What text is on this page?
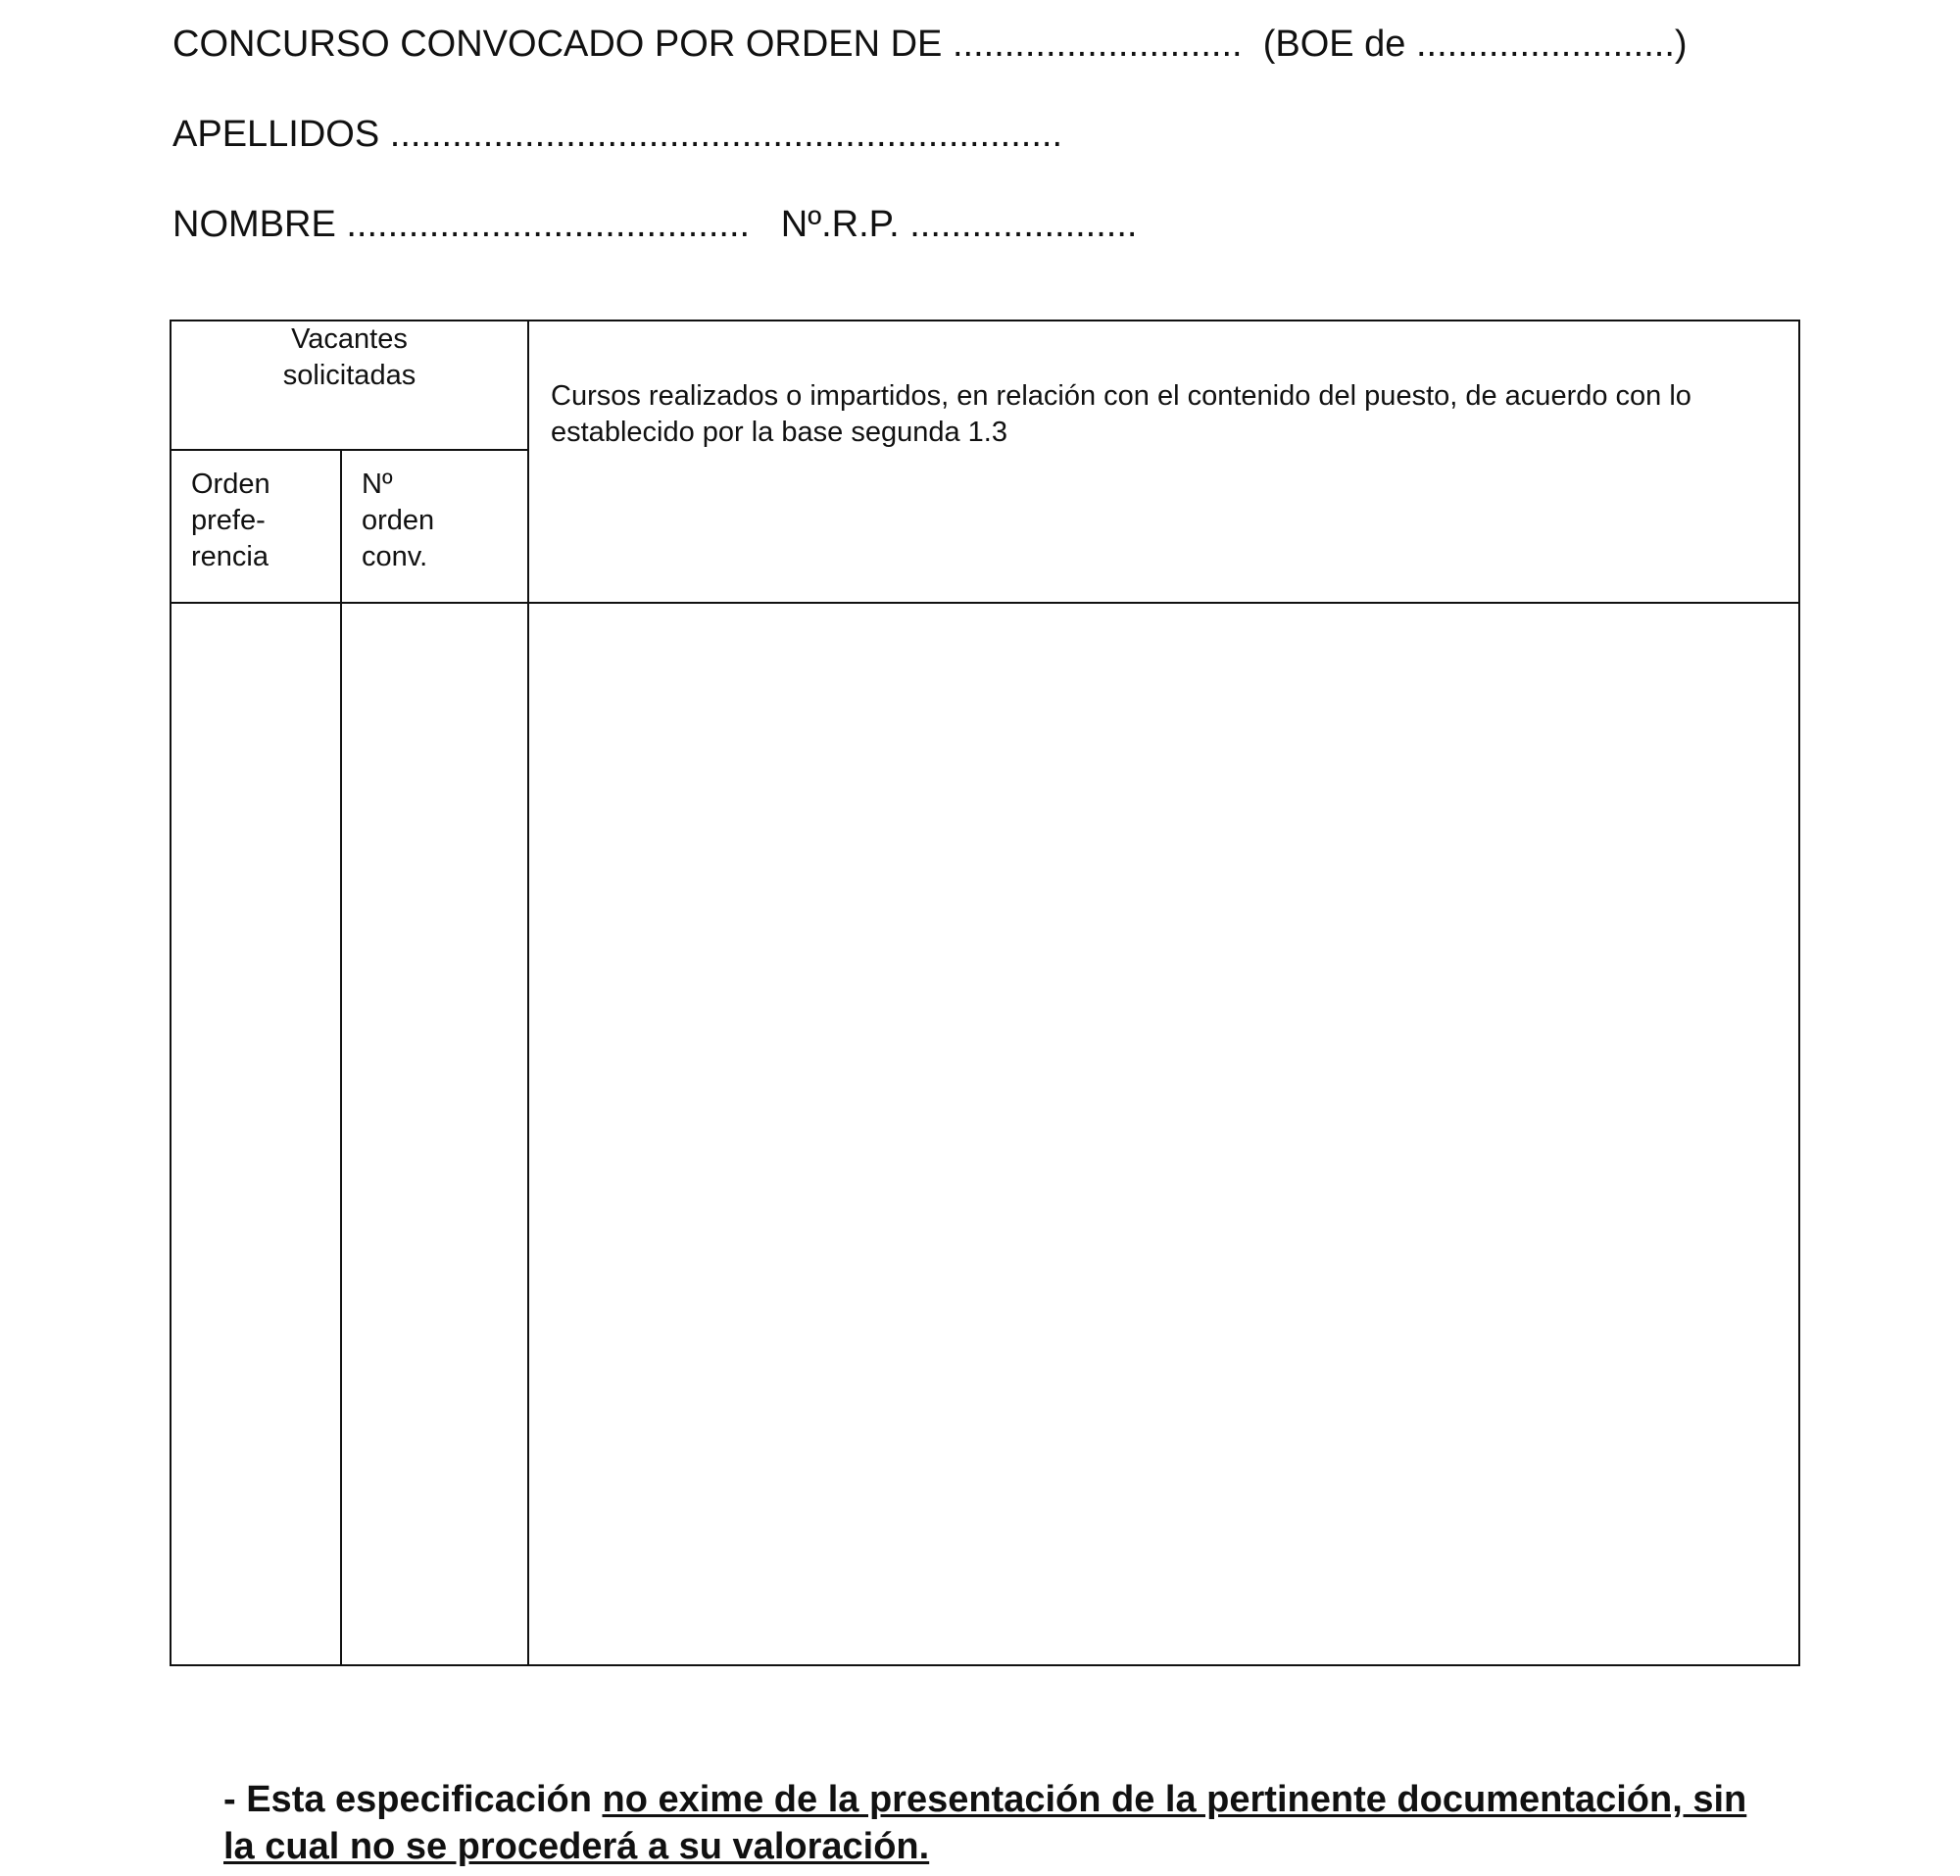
CONCURSO CONVOCADO POR ORDEN DE ............................  (BOE de .........................)
APELLIDOS .................................................................
NOMBRE .......................................   Nº.R.P. ......................
Vacantes solicitadas		Cursos realizados o impartidos, en relación con el contenido del puesto, de acuerdo con lo establecido por la base segunda 1.3
Orden prefe- rencia	Nº orden conv.	

- Esta especificación no exime de la presentación de la pertinente documentación, sin la cual no se procederá a su valoración.
